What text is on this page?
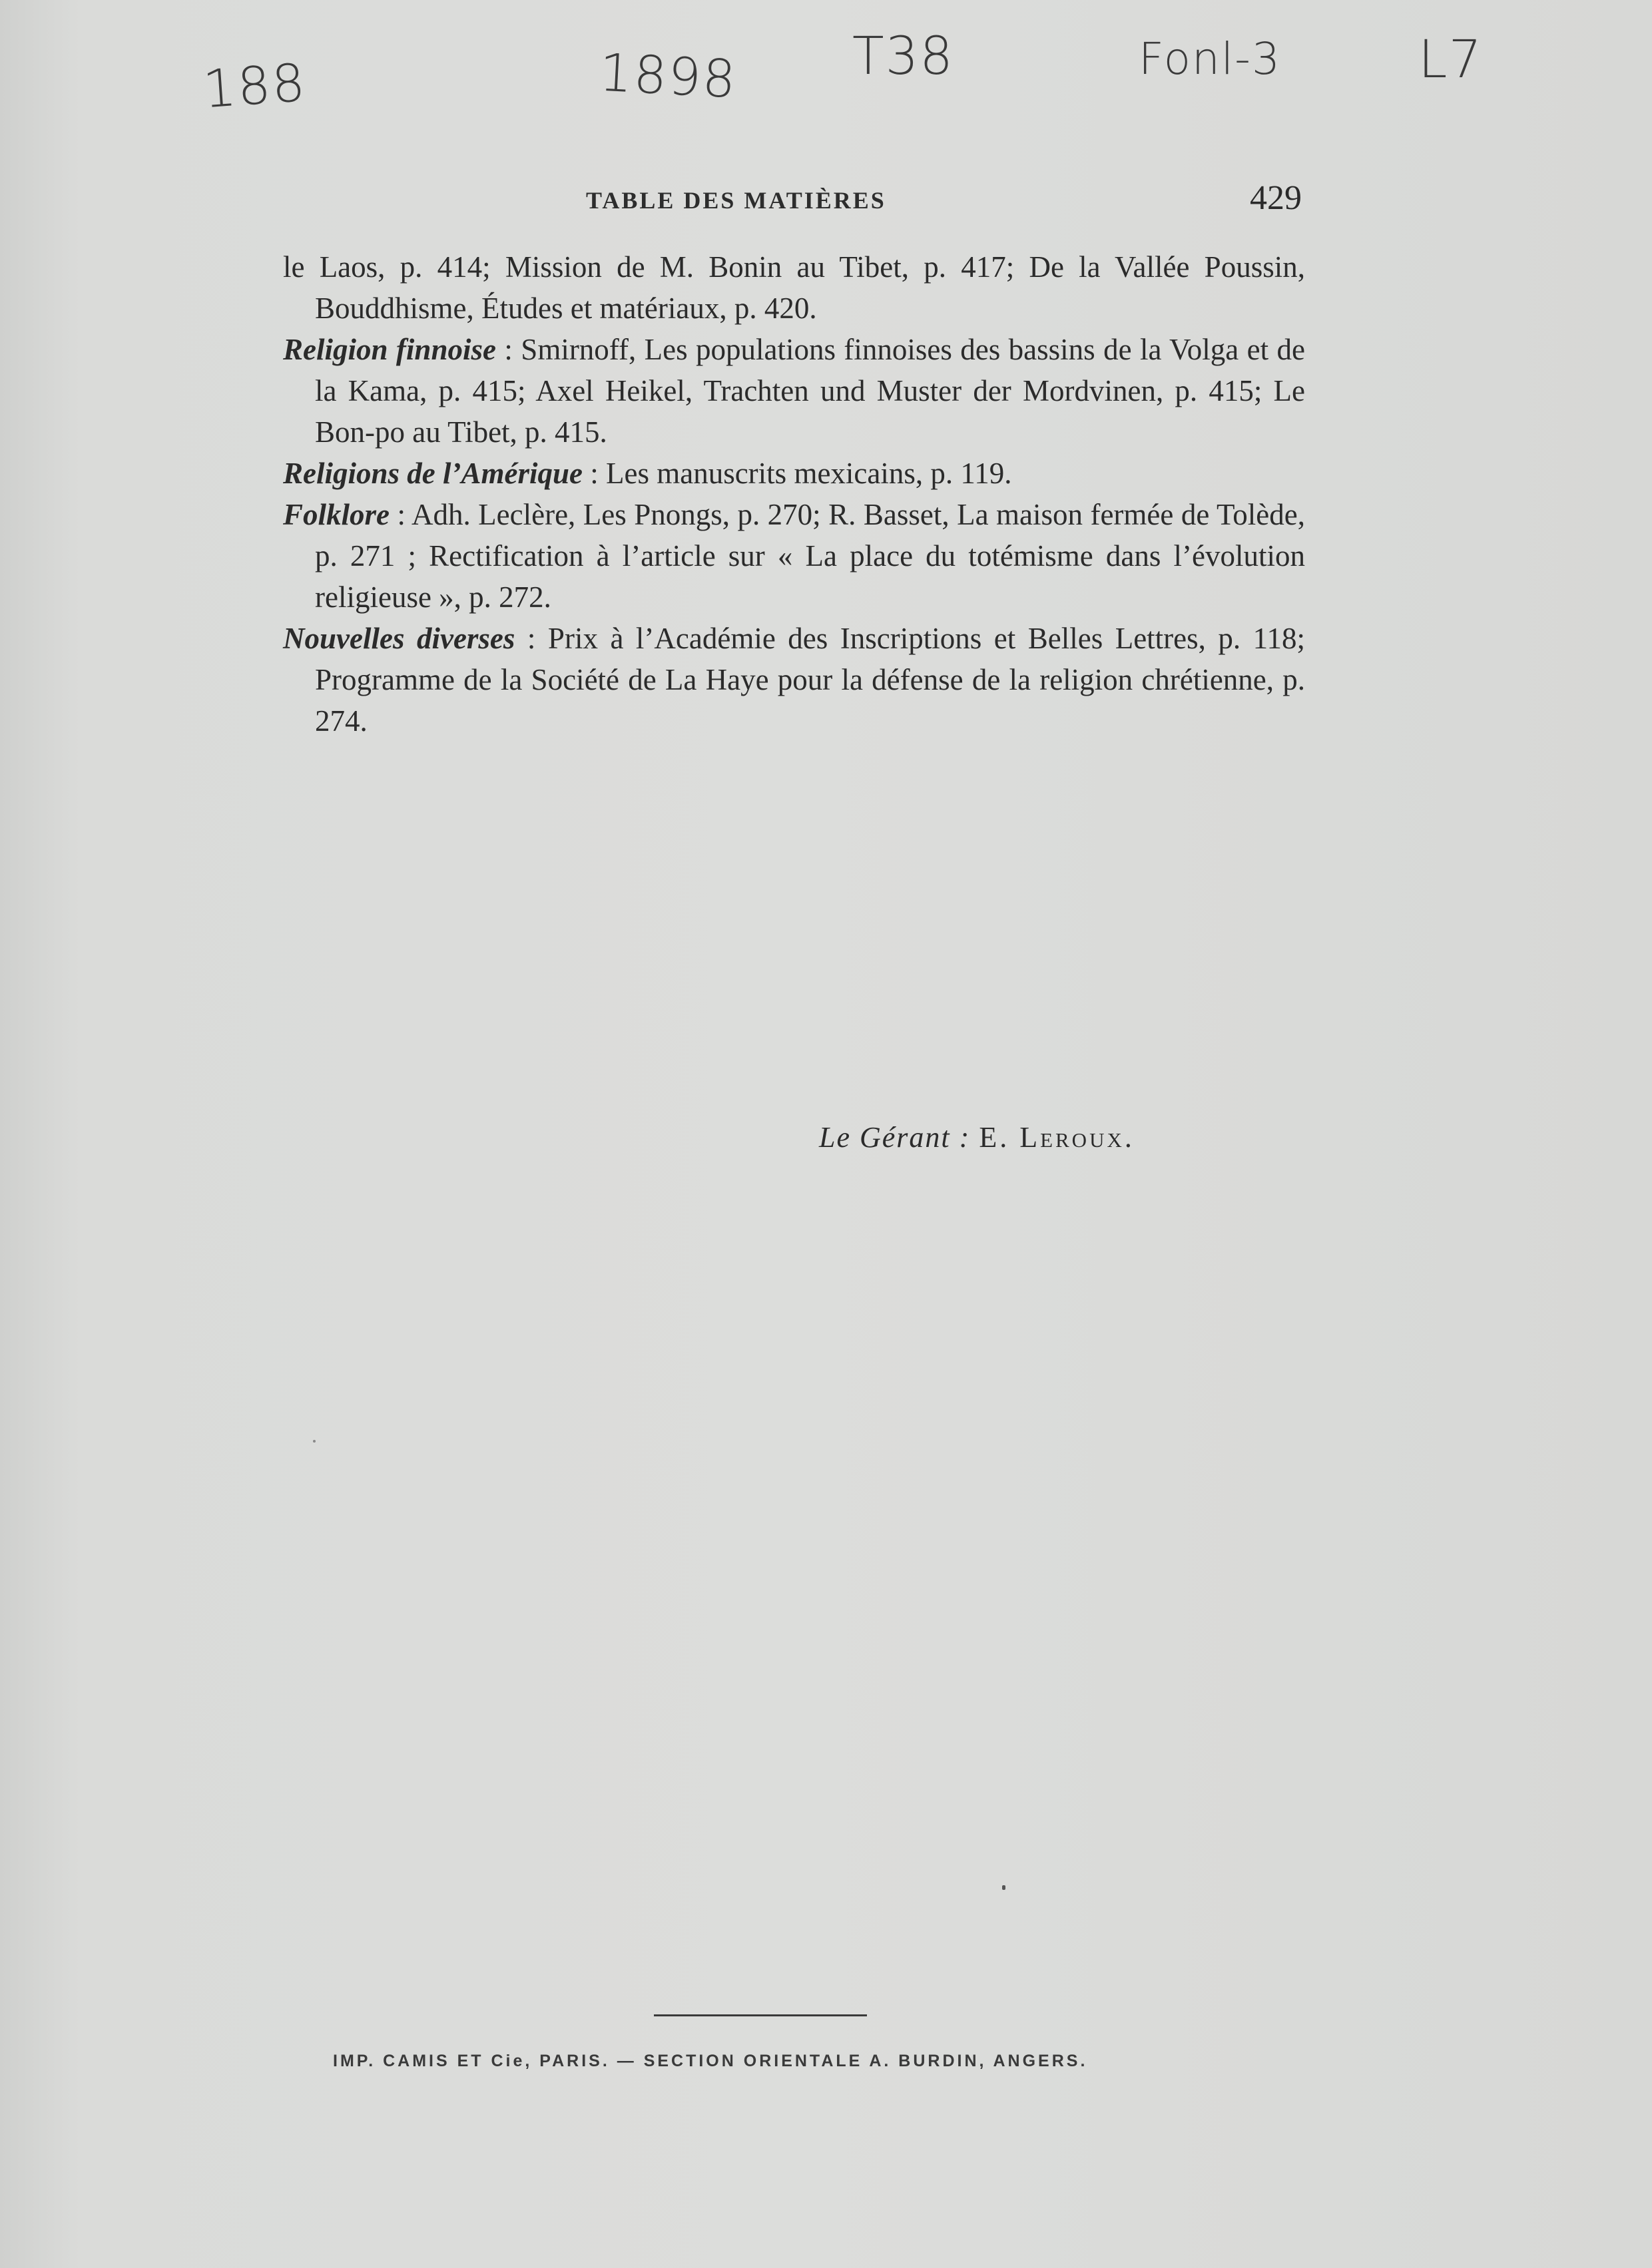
188	1898 T38	Fonl-3	L7
TABLE DES MATIÈRES	429

le Laos, p. 414; Mission de M. Bonin au Tibet, p. 417; De la Vallée Poussin, Bouddhisme, Études et matériaux, p. 420.

Religion finnoise : Smirnoff, Les populations finnoises des bassins de la Volga et de la Kama, p. 415; Axel Heikel, Trachten und Muster der Mordvinen, p. 415; Le Bon-po au Tibet, p. 415.

Religions de l’Amérique : Les manuscrits mexicains, p. 119.

Folklore : Adh. Leclère, Les Pnongs, p. 270; R. Basset, La maison fermée de Tolède, p. 271 ; Rectification à l’article sur « La place du totémisme dans l’évolution religieuse », p. 272.

Nouvelles diverses : Prix à l’Académie des Inscriptions et Belles Lettres, p. 118; Programme de la Société de La Haye pour la défense de la religion chrétienne, p. 274.

Le Gérant : E. Leroux.
IMP. CAMIS ET Cie, PARIS. — SECTION ORIENTALE A. BURDIN, ANGERS.
